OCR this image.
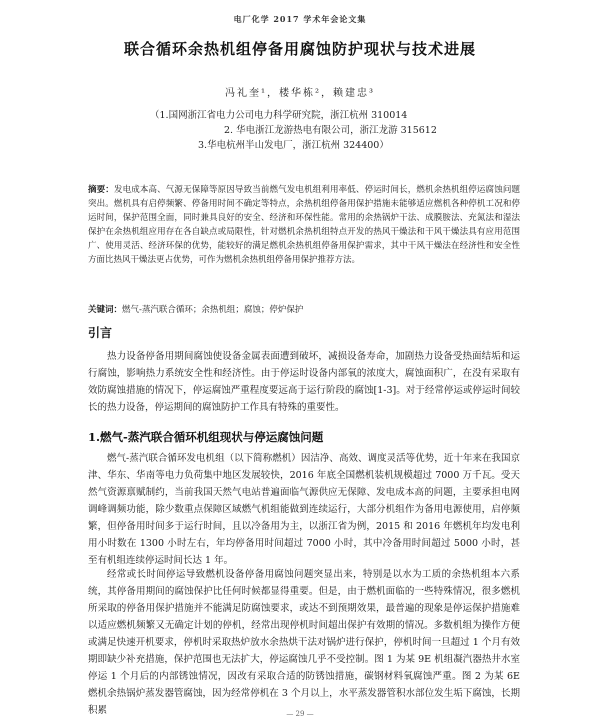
电厂化学 2017 学术年会论文集
联合循环余热机组停备用腐蚀防护现状与技术进展
冯礼奎¹，楼华栋²，赖建忠³
（1.国网浙江省电力公司电力科学研究院，浙江杭州 310014
2. 华电浙江龙游热电有限公司，浙江龙游 315612
3.华电杭州半山发电厂，浙江杭州 324400）
摘要：发电成本高、气源无保障等原因导致当前燃气发电机组利用率低、停运时间长，燃机余热机组停运腐蚀问题突出。燃机具有启停频繁、停备用时间不确定等特点，余热机组停备用保护措施未能够适应燃机各种停机工况和停运时间，保护范围全面，同时兼具良好的安全、经济和环保性能。常用的余热锅炉干法、成膜胺法、充氮法和湿法保护在余热机组应用存在各自缺点或局限性，针对燃机余热机组特点开发的热风干燥法和干风干燥法具有应用范围广、使用灵活、经济环保的优势，能较好的满足燃机余热机组停备用保护需求，其中干风干燥法在经济性和安全性方面比热风干燥法更占优势，可作为燃机余热机组停备用保护推荐方法。
关键词：燃气-蒸汽联合循环；余热机组；腐蚀；停炉保护
引言
热力设备停备用期间腐蚀使设备金属表面遭到破坏，减损设备寿命，加剧热力设备受热面结垢和运行腐蚀，影响热力系统安全性和经济性。由于停运时设备内部氧的浓度大，腐蚀面积广，在没有采取有效防腐蚀措施的情况下，停运腐蚀严重程度要远高于运行阶段的腐蚀[1-3]。对于经常停运或停运时间较长的热力设备，停运期间的腐蚀防护工作具有特殊的重要性。
1.燃气-蒸汽联合循环机组现状与停运腐蚀问题
燃气-蒸汽联合循环发电机组（以下简称燃机）因洁净、高效、调度灵活等优势，近十年来在我国京津、华东、华南等电力负荷集中地区发展较快，2016 年底全国燃机装机规模超过 7000 万千瓦。受天然气资源禀赋制约，当前我国天然气电站普遍面临气源供应无保障、发电成本高的问题，主要承担电网调峰调频功能，除少数重点保障区域燃气机组能做到连续运行，大部分机组作为备用电源使用，启停频繁，但停备用时间多于运行时间，且以冷备用为主，以浙江省为例，2015 和 2016 年燃机年均发电利用小时数在 1300 小时左右，年均停备用时间超过 7000 小时，其中冷备用时间超过 5000 小时，甚至有机组连续停运时间长达 1 年。
经常或长时间停运导致燃机设备停备用腐蚀问题突显出来，特别是以水为工质的余热机组本六系统，其停备用期间的腐蚀保护比任何时候都显得重要。但是，由于燃机面临的一些特殊情况，很多燃机所采取的停备用保护措施并不能满足防腐蚀要求，或达不到预期效果，最普遍的现象是停运保护措施难以适应燃机频繁又无确定计划的停机，经常出现停机时间超出保护有效期的情况。多数机组为操作方便或满足快速开机要求，停机时采取热炉放水余热烘干法对锅炉进行保护，停机时间一旦超过 1 个月有效期即缺少补充措施，保护范围也无法扩大，停运腐蚀几乎不受控制。图 1 为某 9E 机组凝汽器热井水室停运 1 个月后的内部锈蚀情况，因改有采取合适的防锈蚀措施，碳钢材料氧腐蚀严重。图 2 为某 6E 燃机余热锅炉蒸发器管腐蚀，因为经常停机在 3 个月以上，水平蒸发器管积水部位发生垢下腐蚀，长期积累	— 29 —
